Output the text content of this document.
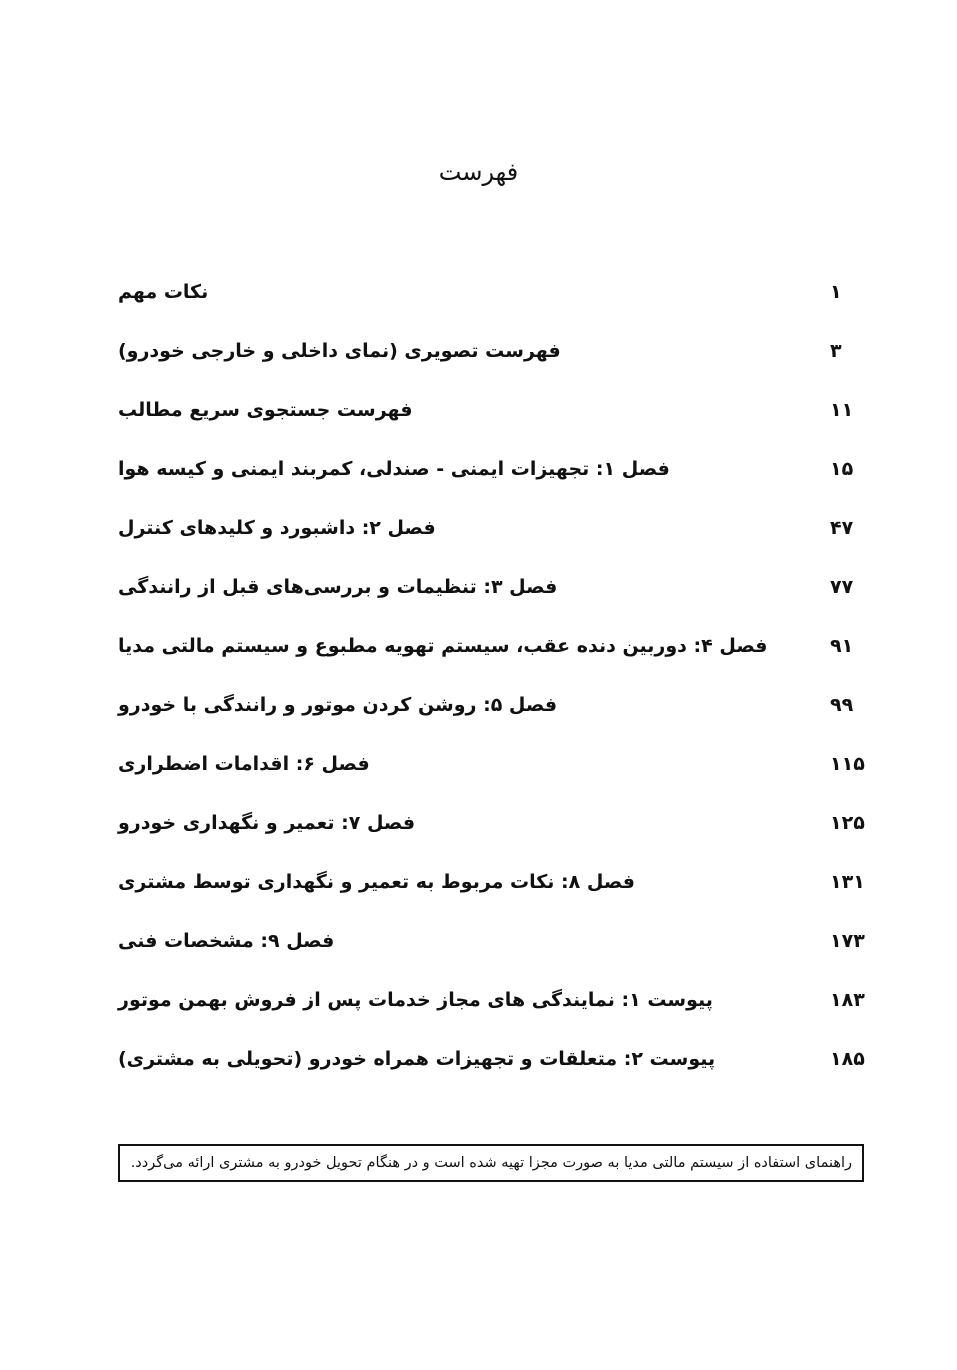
فهرست
نکات مهم	۱
فهرست تصویری (نمای داخلی و خارجی خودرو)	۳
فهرست جستجوی سریع مطالب	۱۱
فصل ۱: تجهیزات ایمنی - صندلی، کمربند ایمنی و کیسه هوا	۱۵
فصل ۲: داشبورد و کلیدهای کنترل	۴۷
فصل ۳: تنظیمات و بررسی‌های قبل از رانندگی	۷۷
فصل ۴: دوربین دنده عقب، سیستم تهویه مطبوع و سیستم مالتی مدیا	۹۱
فصل ۵: روشن کردن موتور و رانندگی با خودرو	۹۹
فصل ۶: اقدامات اضطراری	۱۱۵
فصل ۷: تعمیر و نگهداری خودرو	۱۲۵
فصل ۸: نکات مربوط به تعمیر و نگهداری توسط مشتری	۱۳۱
فصل ۹: مشخصات فنی	۱۷۳
پیوست ۱: نمایندگی های مجاز خدمات پس از فروش بهمن موتور	۱۸۳
پیوست ۲: متعلقات و تجهیزات همراه خودرو (تحویلی به مشتری)	۱۸۵
راهنمای استفاده از سیستم مالتی مدیا به صورت مجزا تهیه شده است و در هنگام تحویل خودرو به مشتری ارائه می‌گردد.
